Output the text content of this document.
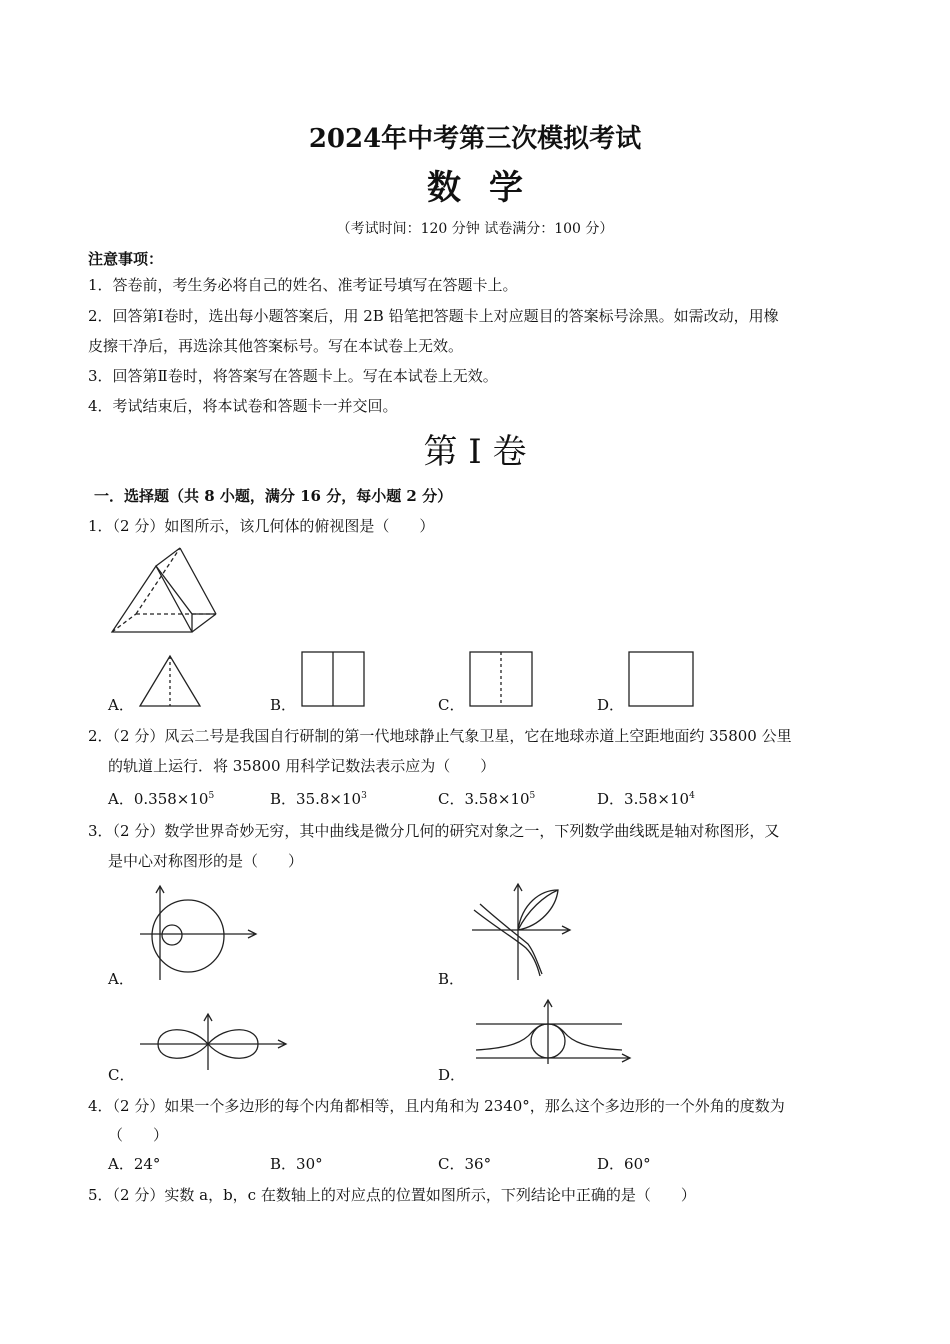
2024年中考第三次模拟考试
数学
（考试时间：120 分钟 试卷满分：100 分）
注意事项：
1．答卷前，考生务必将自己的姓名、准考证号填写在答题卡上。
2．回答第Ⅰ卷时，选出每小题答案后，用 2B 铅笔把答题卡上对应题目的答案标号涂黑。如需改动，用橡
皮擦干净后，再选涂其他答案标号。写在本试卷上无效。
3．回答第Ⅱ卷时，将答案写在答题卡上。写在本试卷上无效。
4．考试结束后，将本试卷和答题卡一并交回。
第 I 卷
一．选择题（共 8 小题，满分 16 分，每小题 2 分）
1．（2 分）如图所示，该几何体的俯视图是（　　）
A．	B．	C．	D．
2．（2 分）风云二号是我国自行研制的第一代地球静止气象卫星，它在地球赤道上空距地面约 35800 公里
的轨道上运行．将 35800 用科学记数法表示应为（　　）
A．$0.358\times 10^5$	B．$35.8\times 10^3$	C．$3.58\times 10^5$	D．$3.58\times 10^4$
3．（2 分）数学世界奇妙无穷，其中曲线是微分几何的研究对象之一，下列数学曲线既是轴对称图形，又
是中心对称图形的是（　　）
A．	B．
C．	D．
4．（2 分）如果一个多边形的每个内角都相等，且内角和为 2340°，那么这个多边形的一个外角的度数为
（　　）
A．24°	B．30°	C．36°	D．60°
5．（2 分）实数 a，b，c 在数轴上的对应点的位置如图所示，下列结论中正确的是（　　）
